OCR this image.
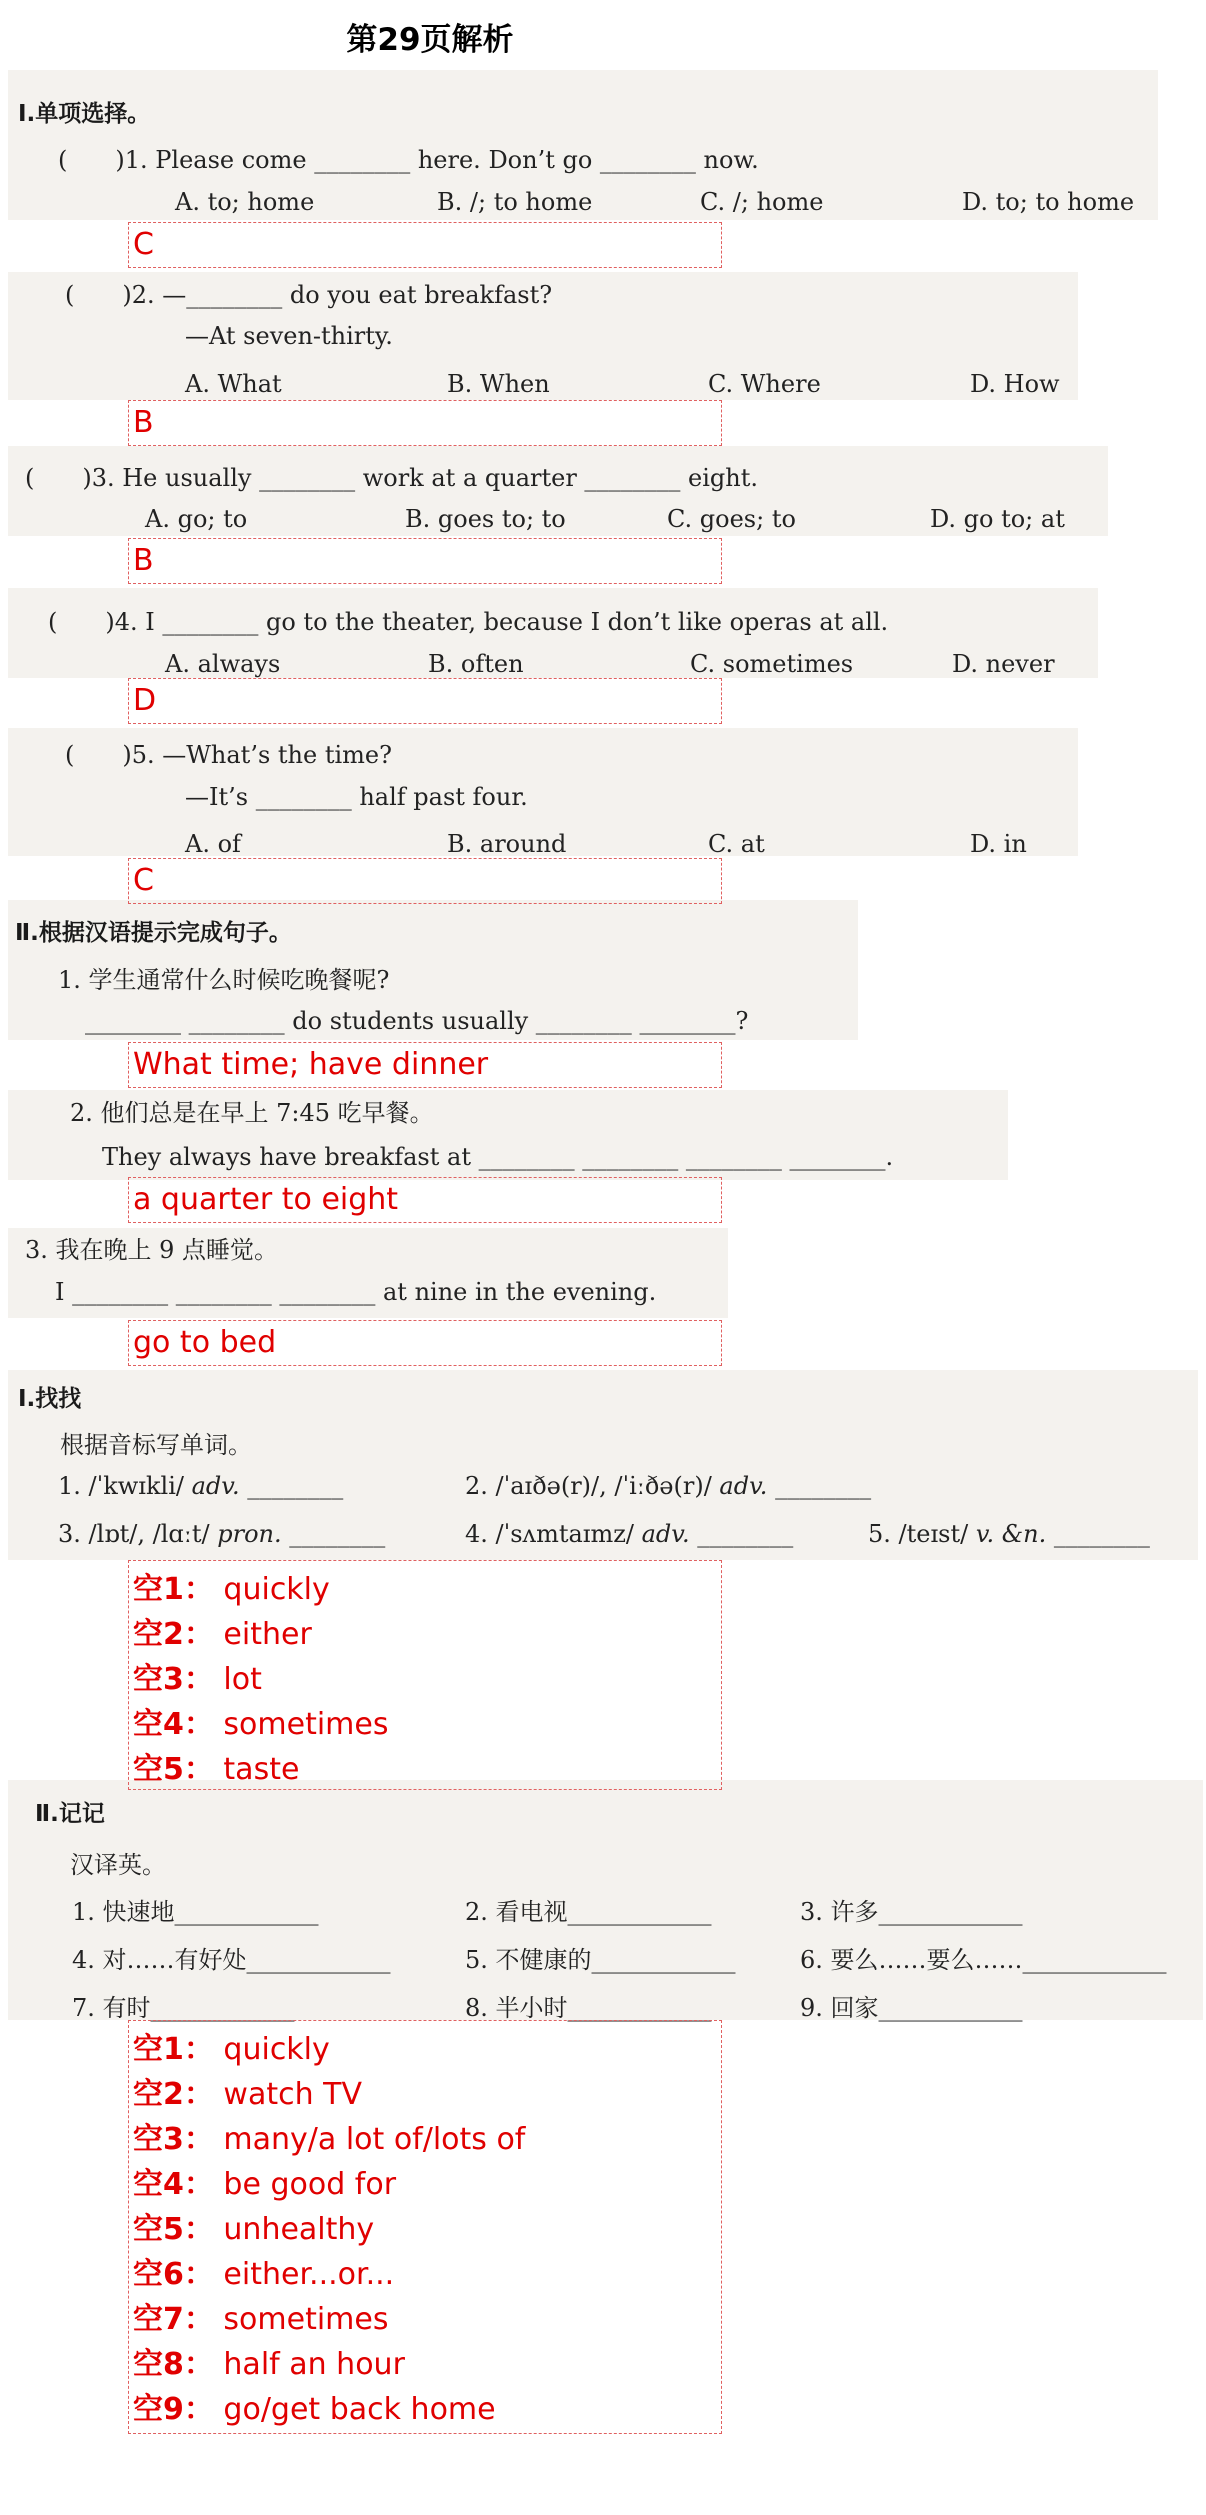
第29页解析
Ⅰ.单项选择。
(　　)1. Please come ________ here. Don’t go ________ now.
A. to; home	B. /; to home	C. /; home	D. to; to home
C
(　　)2. —________ do you eat breakfast?
—At seven-thirty.
A. What	B. When	C. Where	D. How
B
(　　)3. He usually ________ work at a quarter ________ eight.
A. go; to	B. goes to; to	C. goes; to	D. go to; at
B
(　　)4. I ________ go to the theater, because I don’t like operas at all.
A. always	B. often	C. sometimes	D. never
D
(　　)5. —What’s the time?
—It’s ________ half past four.
A. of	B. around	C. at	D. in
C
Ⅱ.根据汉语提示完成句子。
1. 学生通常什么时候吃晚餐呢?
________ ________ do students usually ________ ________?
What time; have dinner
2. 他们总是在早上 7:45 吃早餐。
They always have breakfast at ________ ________ ________ ________.
a quarter to eight
3. 我在晚上 9 点睡觉。
I ________ ________ ________ at nine in the evening.
go to bed
Ⅰ.找找
根据音标写单词。
1. /ˈkwɪkli/ adv. ________	2. /ˈaɪðə(r)/, /ˈiːðə(r)/ adv. ________
3. /lɒt/, /lɑːt/ pron. ________	4. /ˈsʌmtaɪmz/ adv. ________	5. /teɪst/ v. &n. ________
空1： quickly
空2： either
空3： lot
空4： sometimes
空5： taste
Ⅱ.记记
汉译英。
1. 快速地____________	2. 看电视____________	3. 许多____________
4. 对……有好处____________	5. 不健康的____________	6. 要么……要么……____________
7. 有时____________	8. 半小时____________	9. 回家____________
空1： quickly
空2： watch TV
空3： many/a lot of/lots of
空4： be good for
空5： unhealthy
空6： either...or...
空7： sometimes
空8： half an hour
空9： go/get back home
